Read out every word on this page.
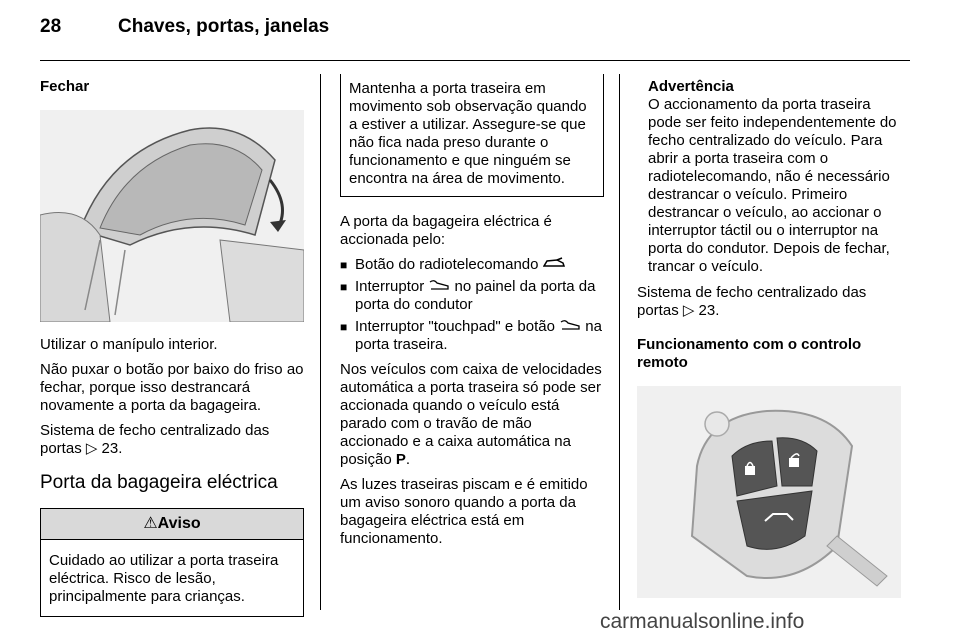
28	Chaves, portas, janelas
Fechar

Utilizar o manípulo interior.

Não puxar o botão por baixo do friso ao fechar, porque isso destrancará novamente a porta da bagageira.

Sistema de fecho centralizado das portas ▷ 23.

Porta da bagageira eléctrica
⚠Aviso
Cuidado ao utilizar a porta traseira eléctrica. Risco de lesão, principalmente para crianças.
Mantenha a porta traseira em movimento sob observação quando a estiver a utilizar. Assegure-se que não fica nada preso durante o funcionamento e que ninguém se encontra na área de movimento.

A porta da bagageira eléctrica é accionada pelo:

■ Botão do radiotelecomando
■ Interruptor no painel da porta da porta do condutor
■ Interruptor "touchpad" e botão na porta traseira.

Nos veículos com caixa de velocidades automática a porta traseira só pode ser accionada quando o veículo está parado com o travão de mão accionado e a caixa automática na posição P.

As luzes traseiras piscam e é emitido um aviso sonoro quando a porta da bagageira eléctrica está em funcionamento.

Advertência
O accionamento da porta traseira pode ser feito independentemente do fecho centralizado do veículo. Para abrir a porta traseira com o radiotelecomando, não é necessário destrancar o veículo. Primeiro destrancar o veículo, ao accionar o interruptor táctil ou o interruptor na porta do condutor. Depois de fechar, trancar o veículo.

Sistema de fecho centralizado das portas ▷ 23.

Funcionamento com o controlo remoto
carmanualsonline.info
